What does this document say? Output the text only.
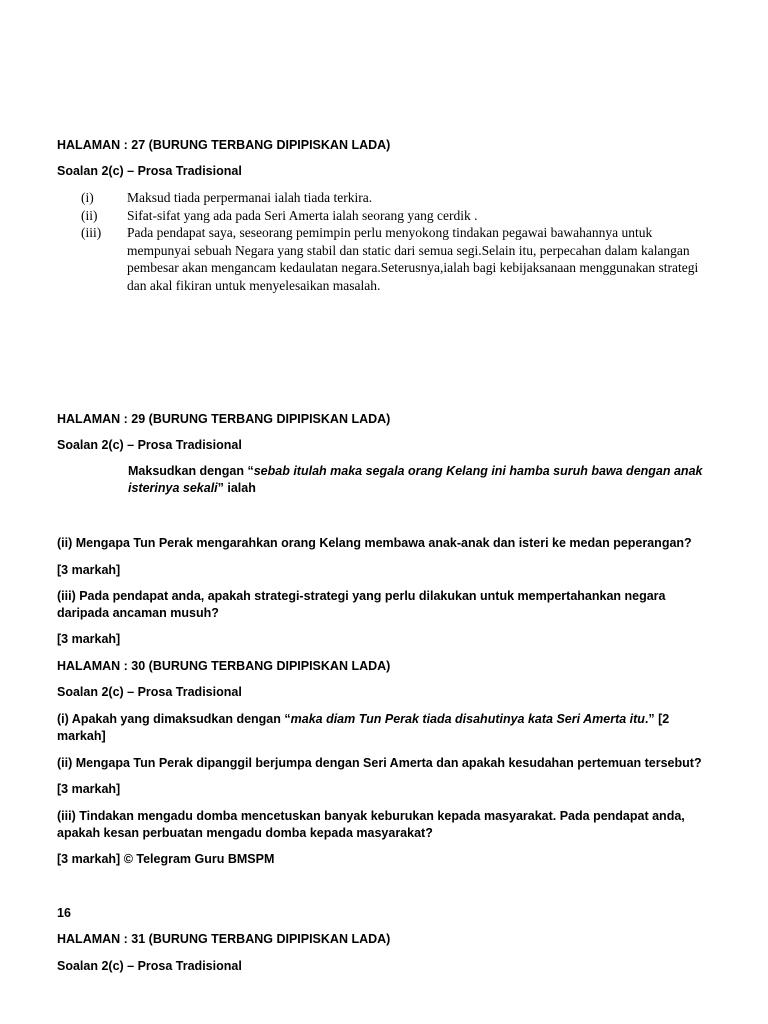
HALAMAN : 27 (BURUNG TERBANG DIPIPISKAN LADA)
Soalan 2(c) – Prosa Tradisional
(i)	Maksud tiada perpermanai ialah tiada terkira.
(ii)	Sifat-sifat yang ada pada Seri Amerta ialah seorang yang cerdik .
(iii)	Pada pendapat saya, seseorang pemimpin perlu menyokong tindakan pegawai bawahannya untuk mempunyai sebuah Negara yang stabil dan static dari semua segi.Selain itu, perpecahan dalam kalangan pembesar akan mengancam kedaulatan negara.Seterusnya,ialah bagi kebijaksanaan menggunakan strategi dan akal fikiran untuk menyelesaikan masalah.
HALAMAN : 29 (BURUNG TERBANG DIPIPISKAN LADA)
Soalan 2(c) – Prosa Tradisional
Maksudkan dengan “sebab itulah maka segala orang Kelang ini hamba suruh bawa dengan anak isterinya sekali” ialah
(ii) Mengapa Tun Perak mengarahkan orang Kelang membawa anak-anak dan isteri ke medan peperangan?
[3 markah]
(iii) Pada pendapat anda, apakah strategi-strategi yang perlu dilakukan untuk mempertahankan negara daripada ancaman musuh?
[3 markah]
HALAMAN : 30 (BURUNG TERBANG DIPIPISKAN LADA)
Soalan 2(c) – Prosa Tradisional
(i) Apakah yang dimaksudkan dengan “maka diam Tun Perak tiada disahutinya kata Seri Amerta itu.” [2 markah]
(ii) Mengapa Tun Perak dipanggil berjumpa dengan Seri Amerta dan apakah kesudahan pertemuan tersebut?
[3 markah]
(iii) Tindakan mengadu domba mencetuskan banyak keburukan kepada masyarakat. Pada pendapat anda, apakah kesan perbuatan mengadu domba kepada masyarakat?
[3 markah] © Telegram Guru BMSPM
16
HALAMAN : 31 (BURUNG TERBANG DIPIPISKAN LADA)
Soalan 2(c) – Prosa Tradisional
